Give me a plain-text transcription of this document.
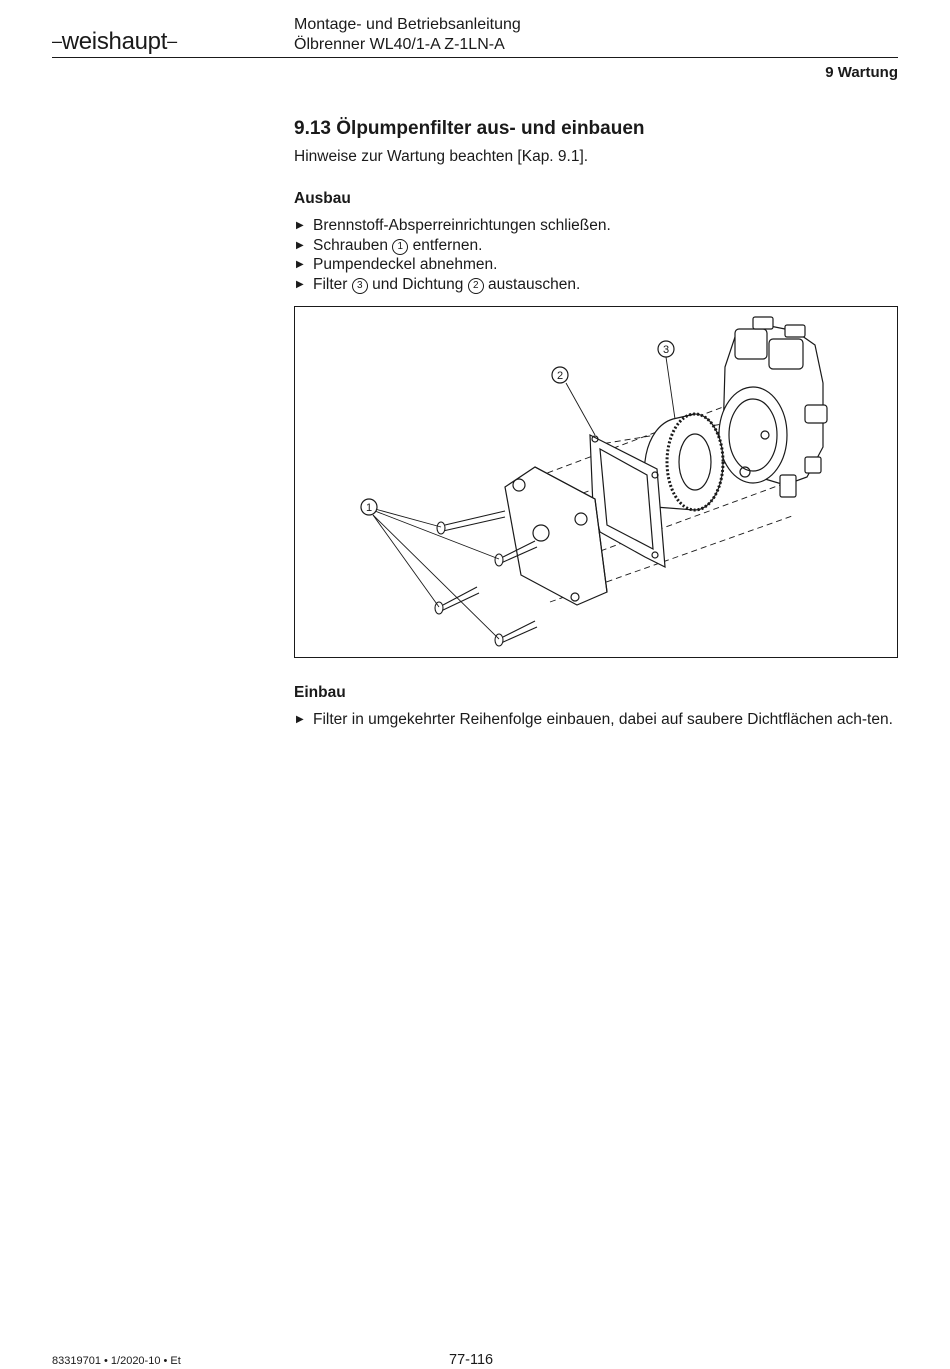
–weishaupt–
Montage- und Betriebsanleitung
Ölbrenner WL40/1-A Z-1LN-A
9 Wartung
9.13 Ölpumpenfilter aus- und einbauen
Hinweise zur Wartung beachten [Kap. 9.1].
Ausbau
▶ Brennstoff-Absperreinrichtungen schließen.
▶ Schrauben 1 entfernen.
▶ Pumpendeckel abnehmen.
▶ Filter 3 und Dichtung 2 austauschen.
1
2
3
Einbau
▶ Filter in umgekehrter Reihenfolge einbauen, dabei auf saubere Dichtflächen ach-ten.
83319701 • 1/2020-10 • Et	77-116
